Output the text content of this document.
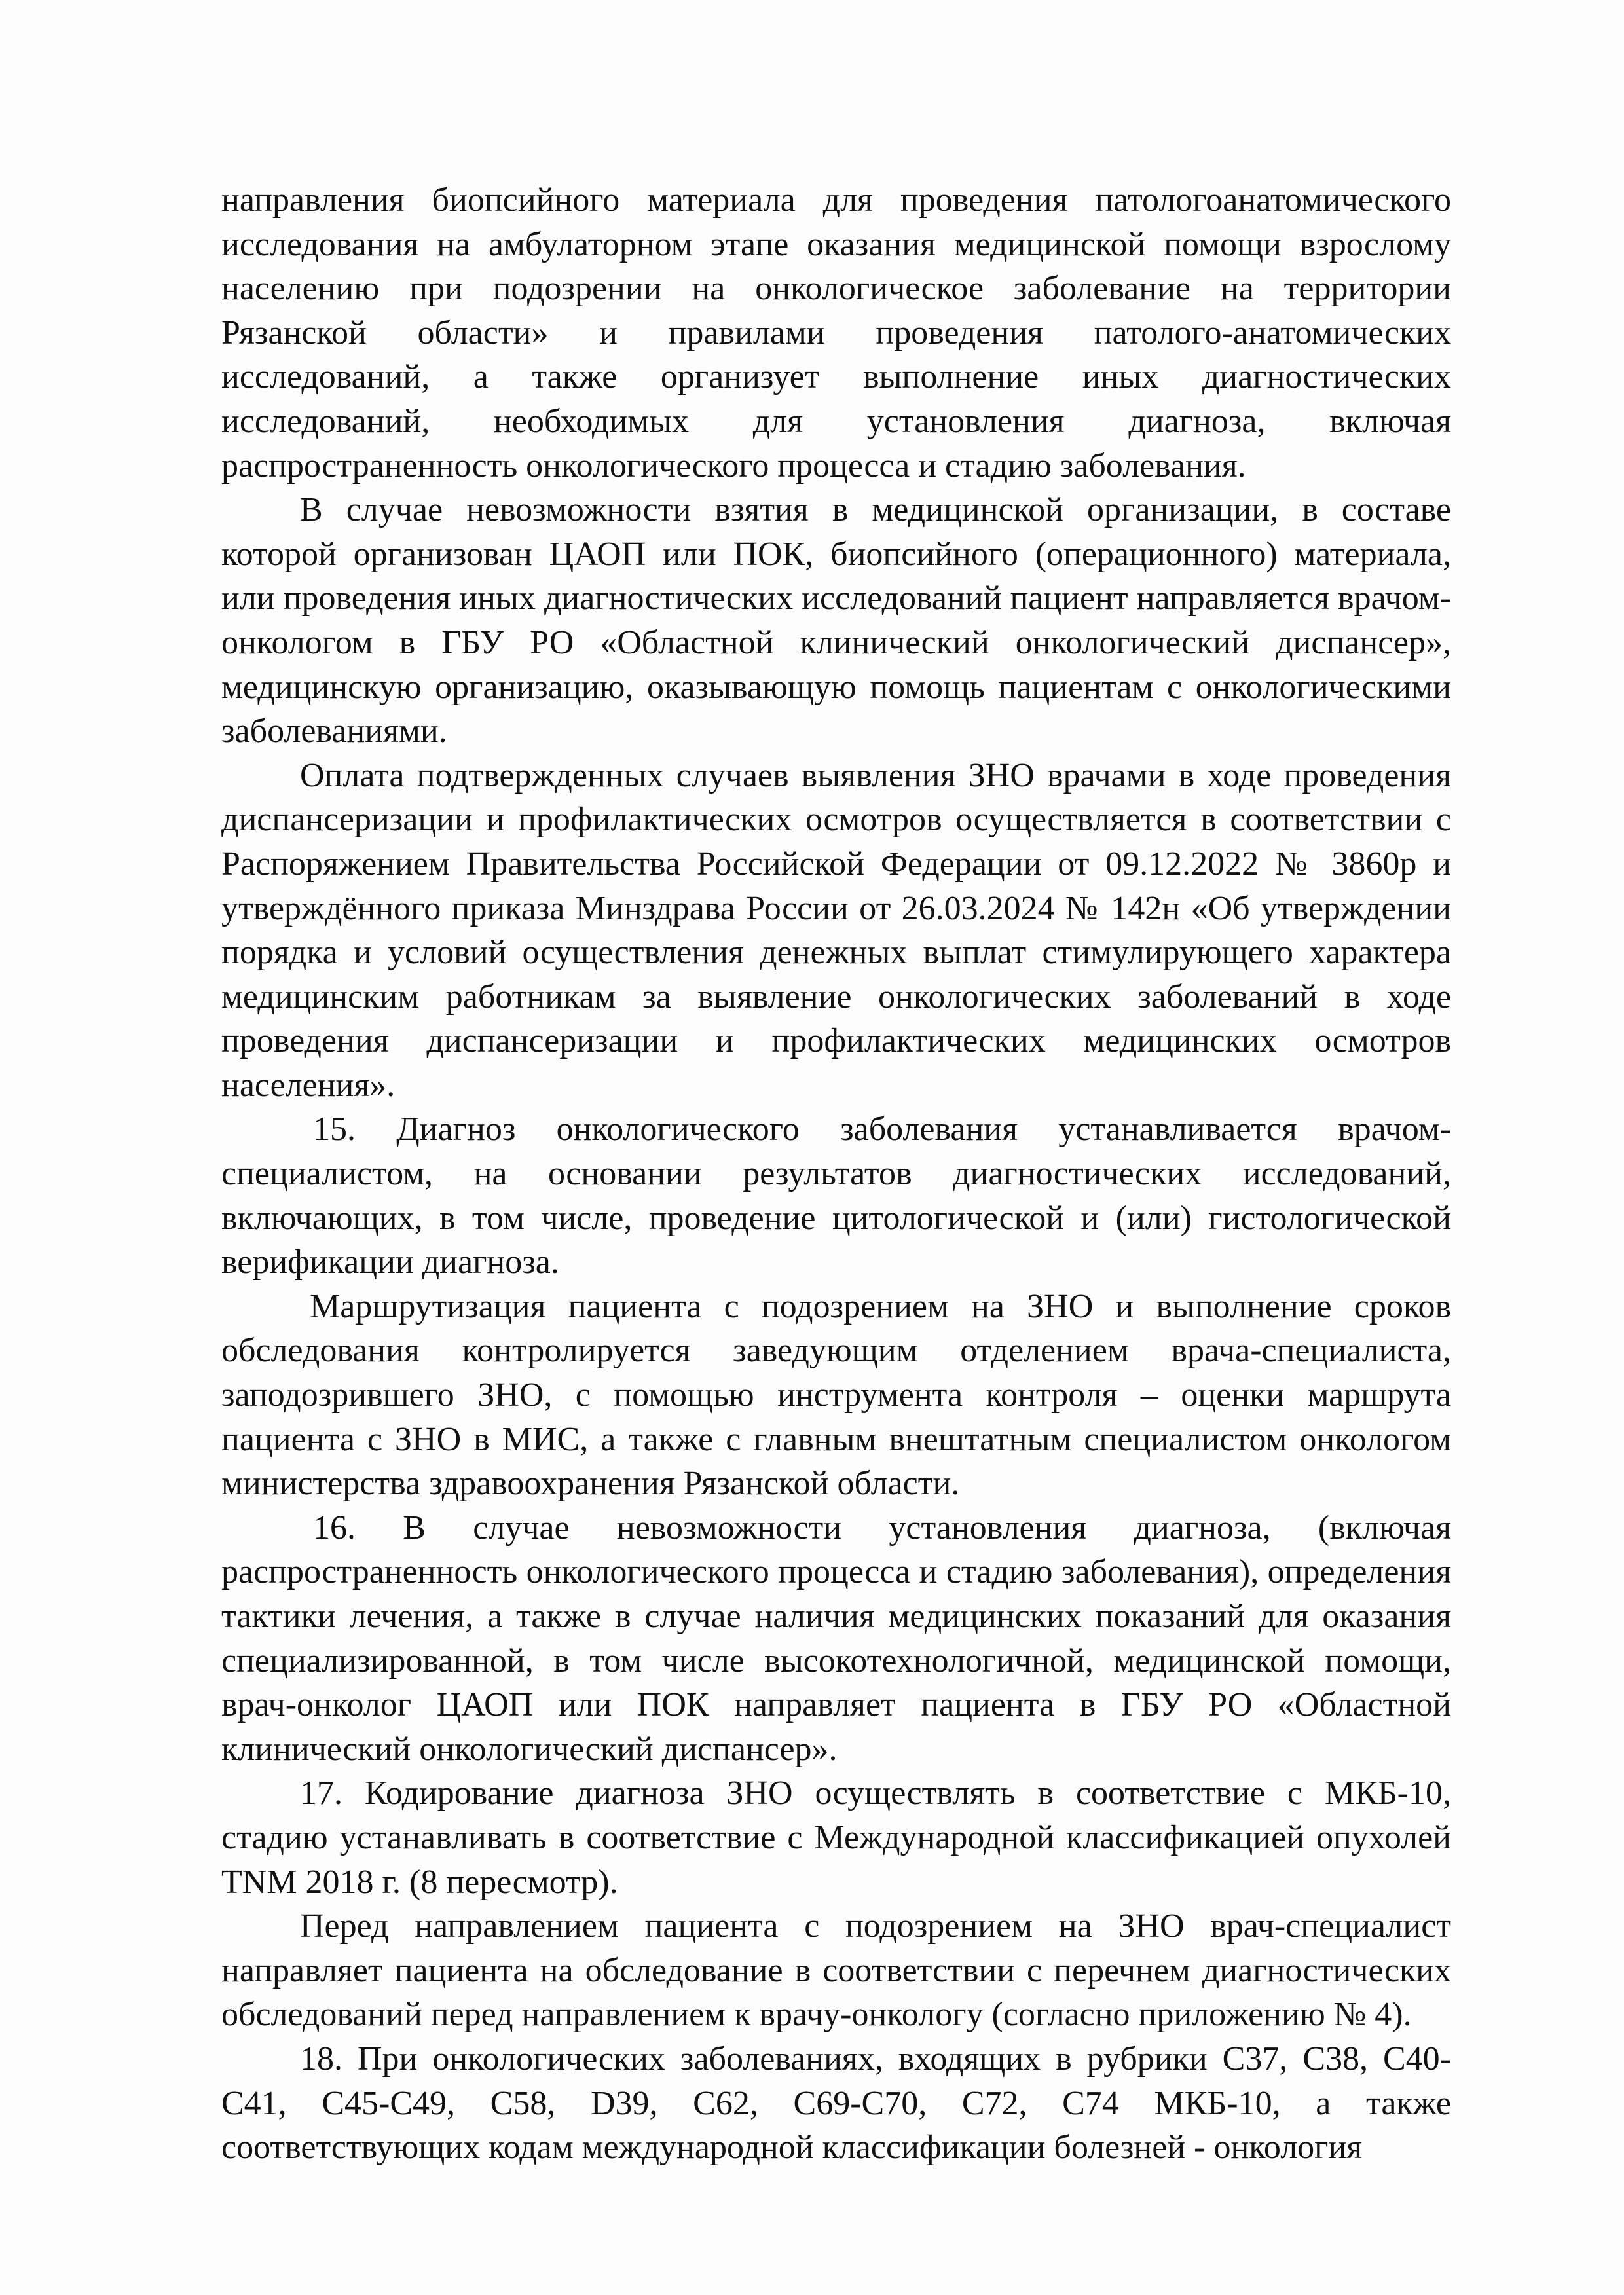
направления биопсийного материала для проведения патологоанатомического исследования на амбулаторном этапе оказания медицинской помощи взрослому населению при подозрении на онкологическое заболевание на территории Рязанской области» и правилами проведения патолого-анатомических исследований, а также организует выполнение иных диагностических исследований, необходимых для установления диагноза, включая распространенность онкологического процесса и стадию заболевания.

В случае невозможности взятия в медицинской организации, в составе которой организован ЦАОП или ПОК, биопсийного (операционного) материала, или проведения иных диагностических исследований пациент направляется врачом-онкологом в ГБУ РО «Областной клинический онкологический диспансер», медицинскую организацию, оказывающую помощь пациентам с онкологическими заболеваниями.

Оплата подтвержденных случаев выявления ЗНО врачами в ходе проведения диспансеризации и профилактических осмотров осуществляется в соответствии с Распоряжением Правительства Российской Федерации от 09.12.2022 № 3860р и утверждённого приказа Минздрава России от 26.03.2024 № 142н «Об утверждении порядка и условий осуществления денежных выплат стимулирующего характера медицинским работникам за выявление онкологических заболеваний в ходе проведения диспансеризации и профилактических медицинских осмотров населения».

15. Диагноз онкологического заболевания устанавливается врачом-специалистом, на основании результатов диагностических исследований, включающих, в том числе, проведение цитологической и (или) гистологической верификации диагноза.

Маршрутизация пациента с подозрением на ЗНО и выполнение сроков обследования контролируется заведующим отделением врача-специалиста, заподозрившего ЗНО, с помощью инструмента контроля – оценки маршрута пациента с ЗНО в МИС, а также с главным внештатным специалистом онкологом министерства здравоохранения Рязанской области.

16. В случае невозможности установления диагноза, (включая распространенность онкологического процесса и стадию заболевания), определения тактики лечения, а также в случае наличия медицинских показаний для оказания специализированной, в том числе высокотехнологичной, медицинской помощи, врач-онколог ЦАОП или ПОК направляет пациента в ГБУ РО «Областной клинический онкологический диспансер».

17. Кодирование диагноза ЗНО осуществлять в соответствие с МКБ-10, стадию устанавливать в соответствие с Международной классификацией опухолей TNM 2018 г. (8 пересмотр).

Перед направлением пациента с подозрением на ЗНО врач-специалист направляет пациента на обследование в соответствии с перечнем диагностических обследований перед направлением к врачу-онкологу (согласно приложению № 4).

18. При онкологических заболеваниях, входящих в рубрики C37, C38, C40-C41, C45-C49, C58, D39, C62, C69-C70, C72, C74 МКБ-10, а также соответствующих кодам международной классификации болезней - онкология
